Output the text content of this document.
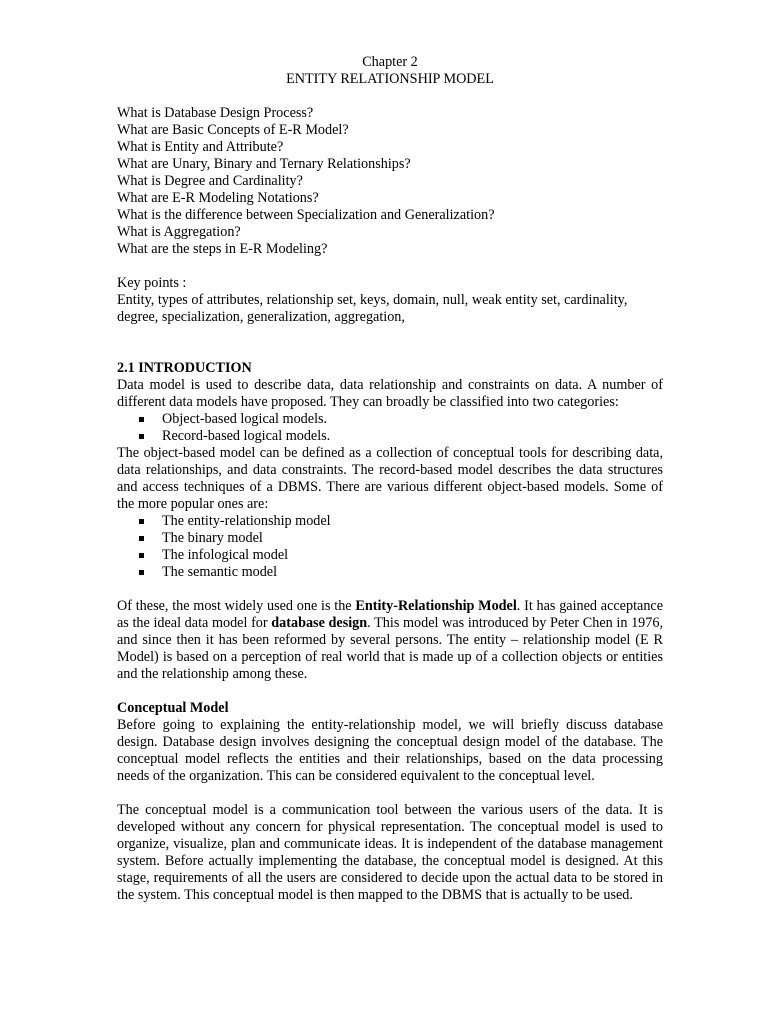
Chapter 2
ENTITY RELATIONSHIP MODEL
What is Database Design Process?
What are Basic Concepts of E-R Model?
What is Entity and Attribute?
What are Unary, Binary and Ternary Relationships?
What is Degree and Cardinality?
What are E-R Modeling Notations?
What is the difference between Specialization and Generalization?
What is Aggregation?
What are the steps in E-R Modeling?
Key points :
Entity, types of attributes, relationship set, keys, domain, null, weak entity set, cardinality, degree, specialization, generalization, aggregation,
2.1 INTRODUCTION
Data model is used to describe data, data relationship and constraints on data. A number of different data models have proposed. They can broadly be classified into two categories:
Object-based logical models.
Record-based logical models.
The object-based model can be defined as a collection of conceptual tools for describing data, data relationships, and data constraints. The record-based model describes the data structures and access techniques of a DBMS. There are various different object-based models. Some of the more popular ones are:
The entity-relationship model
The binary model
The infological model
The semantic model
Of these, the most widely used one is the Entity-Relationship Model. It has gained acceptance as the ideal data model for database design. This model was introduced by Peter Chen in 1976, and since then it has been reformed by several persons. The entity – relationship model (E R Model) is based on a perception of real world that is made up of a collection objects or entities and the relationship among these.
Conceptual Model
Before going to explaining the entity-relationship model, we will briefly discuss database design. Database design involves designing the conceptual design model of the database. The conceptual model reflects the entities and their relationships, based on the data processing needs of the organization. This can be considered equivalent to the conceptual level.
The conceptual model is a communication tool between the various users of the data. It is developed without any concern for physical representation. The conceptual model is used to organize, visualize, plan and communicate ideas. It is independent of the database management system. Before actually implementing the database, the conceptual model is designed. At this stage, requirements of all the users are considered to decide upon the actual data to be stored in the system. This conceptual model is then mapped to the DBMS that is actually to be used.
